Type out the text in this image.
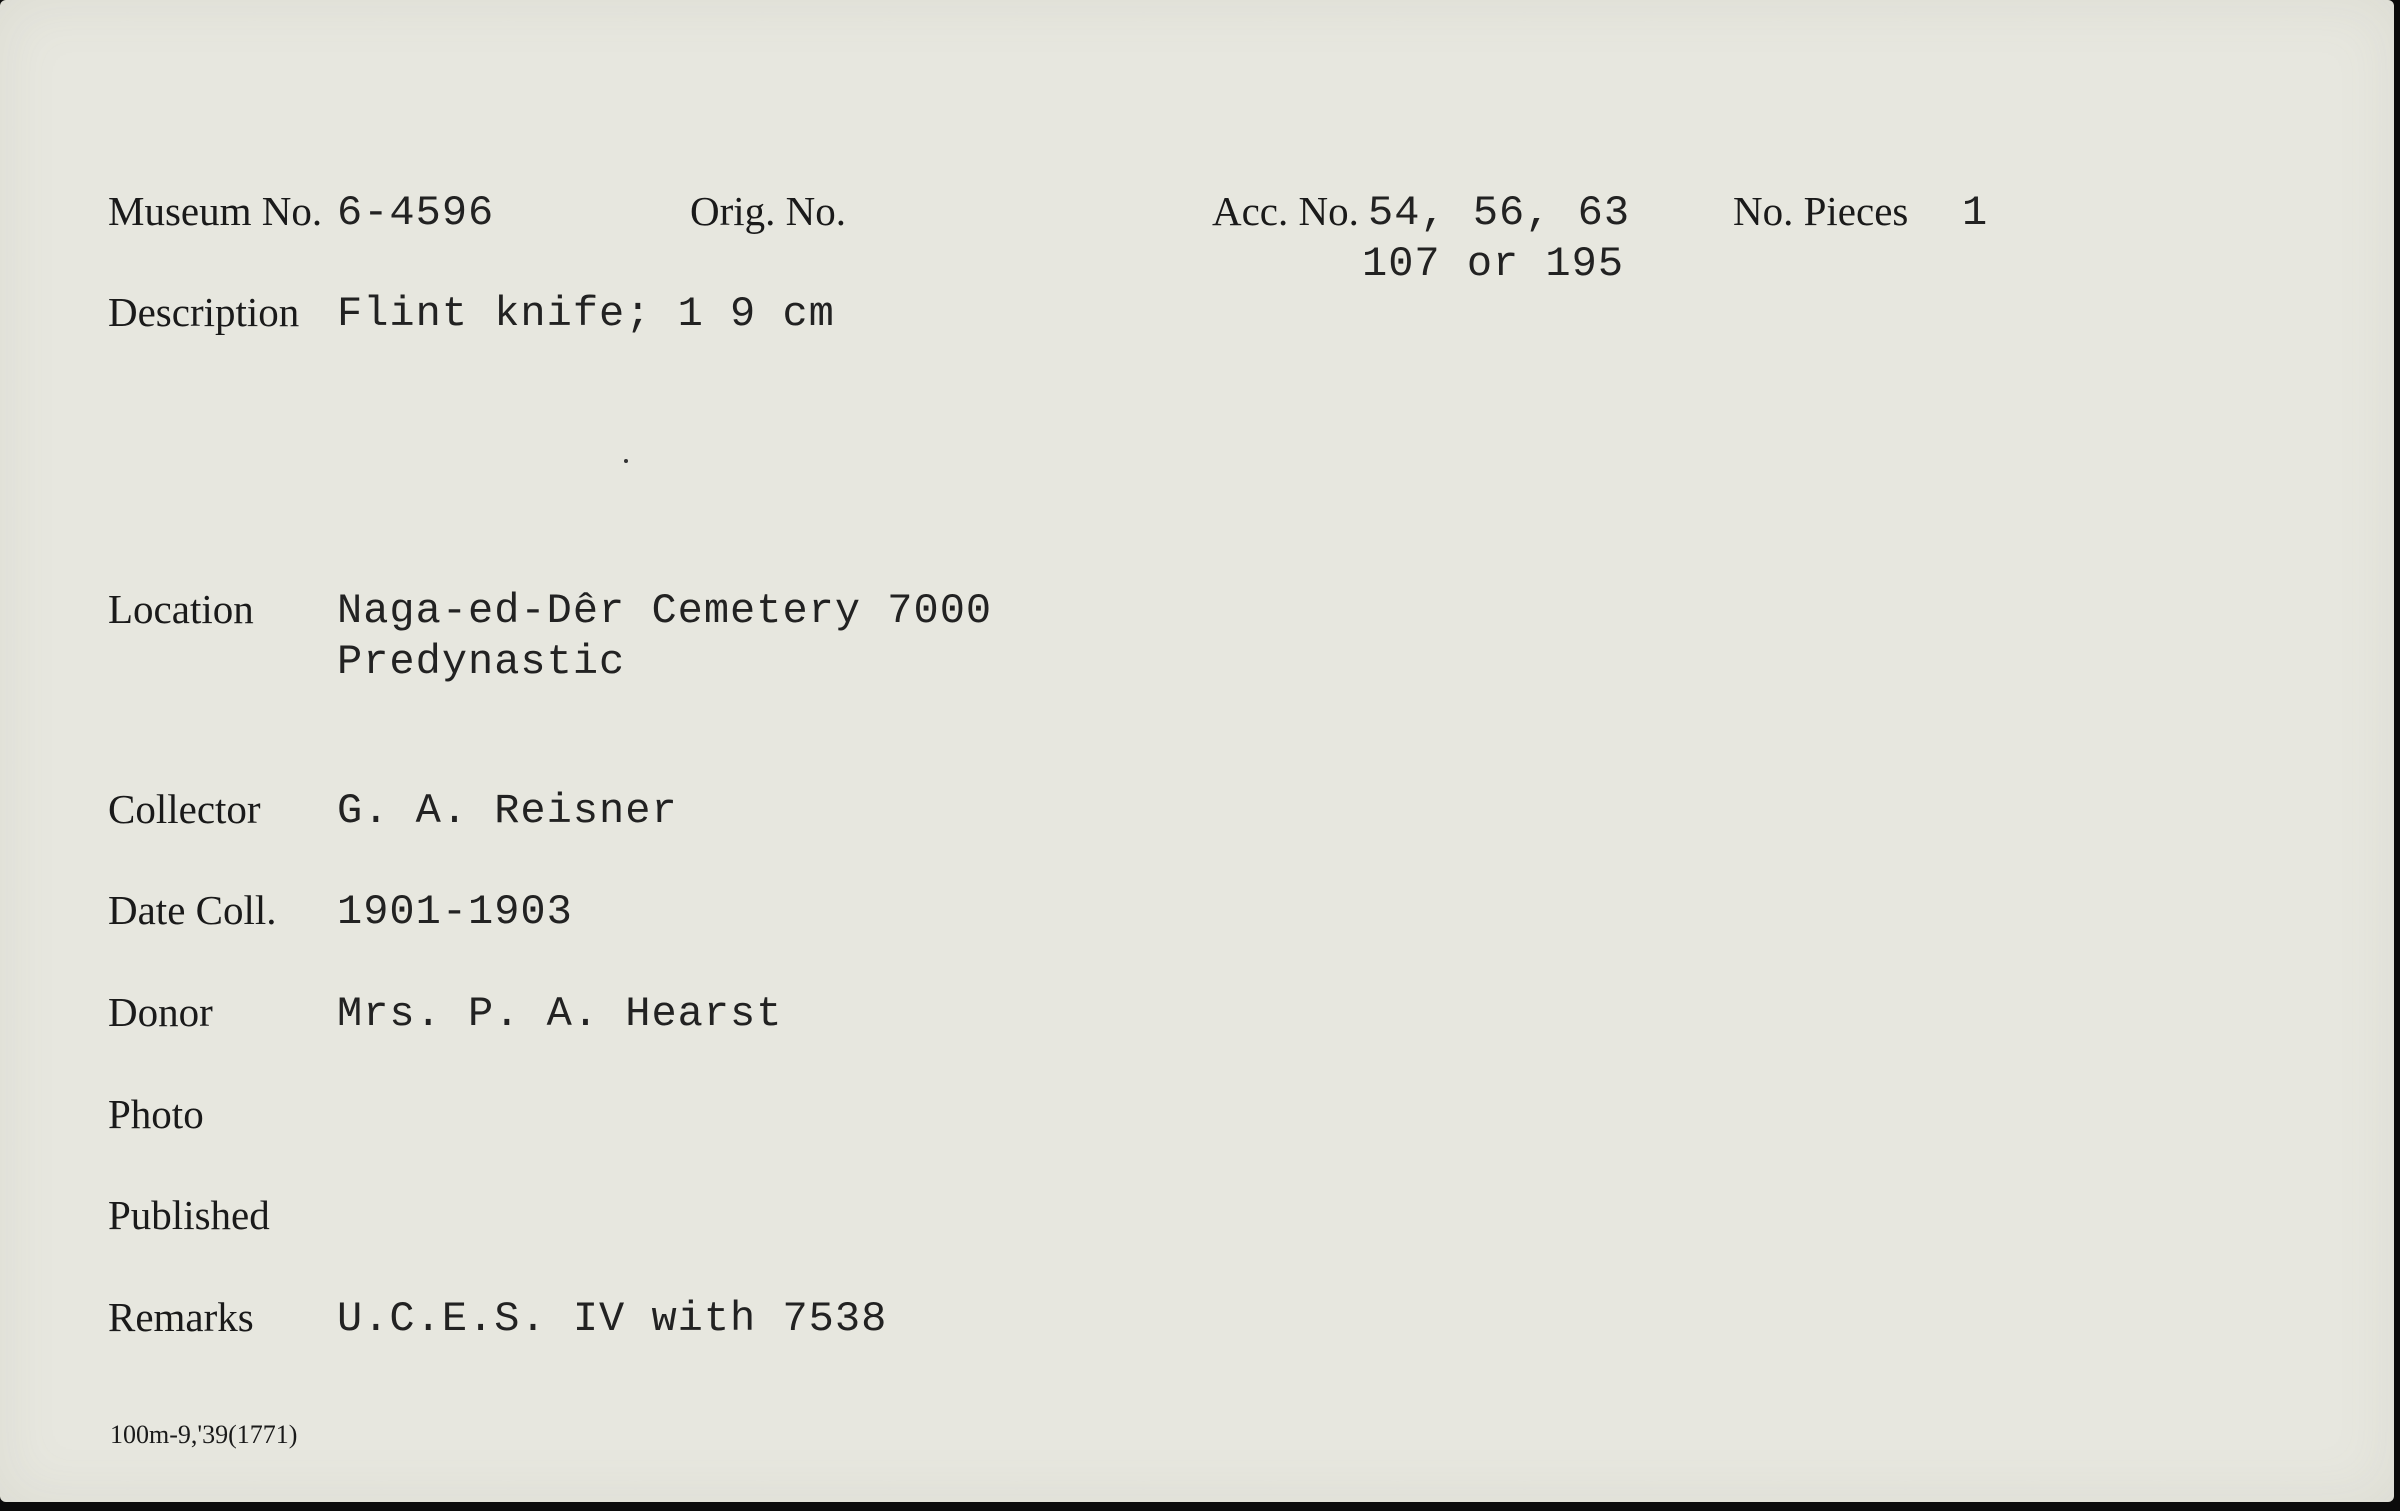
Museum No. 6-4596	Orig. No.	Acc. No. 54, 56, 63
107 or 195
No. Pieces 1
Description Flint knife; 1 9 cm
Location Naga-ed-Dêr Cemetery 7000
Predynastic
Collector G. A. Reisner
Date Coll. 1901-1903
Donor	Mrs. P. A. Hearst
Photo
Published
Remarks U.C.E.S. IV with 7538
100m-9,'39(1771)
